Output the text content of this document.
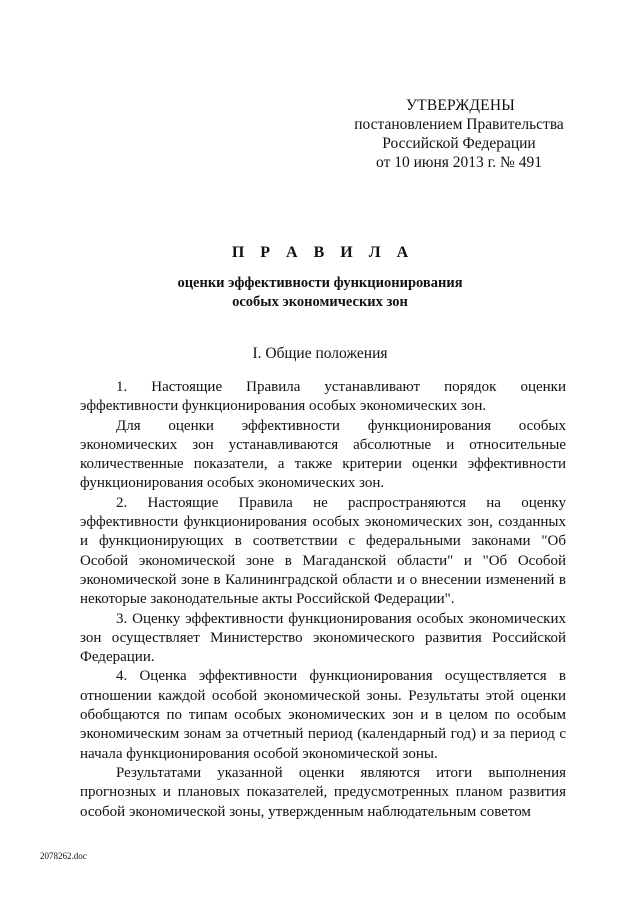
УТВЕРЖДЕНЫ
постановлением Правительства
Российской Федерации
от 10 июня 2013 г. № 491
П Р А В И Л А
оценки эффективности функционирования
особых экономических зон
I. Общие положения

1. Настоящие Правила устанавливают порядок оценки эффективности функционирования особых экономических зон.

Для оценки эффективности функционирования особых экономических зон устанавливаются абсолютные и относительные количественные показатели, а также критерии оценки эффективности функционирования особых экономических зон.

2. Настоящие Правила не распространяются на оценку эффективности функционирования особых экономических зон, созданных и функционирующих в соответствии с федеральными законами "Об Особой экономической зоне в Магаданской области" и "Об Особой экономической зоне в Калининградской области и о внесении изменений в некоторые законодательные акты Российской Федерации".

3. Оценку эффективности функционирования особых экономических зон осуществляет Министерство экономического развития Российской Федерации.

4. Оценка эффективности функционирования осуществляется в отношении каждой особой экономической зоны. Результаты этой оценки обобщаются по типам особых экономических зон и в целом по особым экономическим зонам за отчетный период (календарный год) и за период с начала функционирования особой экономической зоны.

Результатами указанной оценки являются итоги выполнения прогнозных и плановых показателей, предусмотренных планом развития особой экономической зоны, утвержденным наблюдательным советом

2078262.doc
